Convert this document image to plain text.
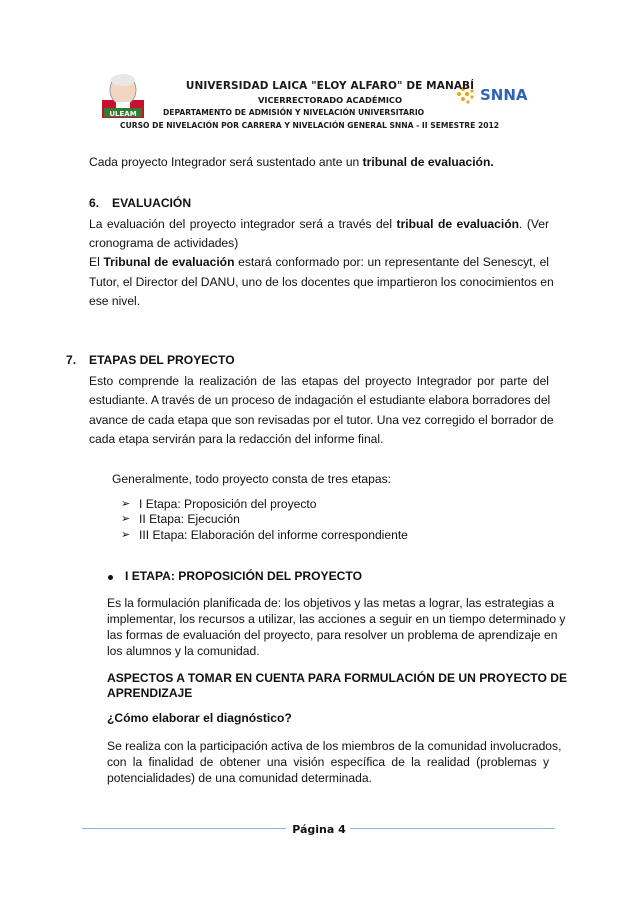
ULEAM
SNNA
UNIVERSIDAD LAICA "ELOY ALFARO" DE MANABÍ
VICERRECTORADO ACADÉMICO
DEPARTAMENTO DE ADMISIÓN Y NIVELACIÓN UNIVERSITARIO
CURSO DE NIVELACIÓN POR CARRERA Y NIVELACIÓN GENERAL SNNA - II SEMESTRE 2012
Cada proyecto Integrador será sustentado ante un tribunal de evaluación.
6. EVALUACIÓN
La evaluación del proyecto integrador será a través del tribual de evaluación. (Ver
cronograma de actividades)
El Tribunal de evaluación estará conformado por: un representante del Senescyt, el
Tutor, el Director del DANU, uno de los docentes que impartieron los conocimientos en
ese nivel.
7. ETAPAS DEL PROYECTO
Esto comprende la realización de las etapas del proyecto Integrador por parte del
estudiante. A través de un proceso de indagación el estudiante elabora borradores del
avance de cada etapa que son revisadas por el tutor. Una vez corregido el borrador de
cada etapa servirán para la redacción del informe final.
Generalmente, todo proyecto consta de tres etapas:
➢ I Etapa: Proposición del proyecto
➢ II Etapa: Ejecución
➢ III Etapa: Elaboración del informe correspondiente
I ETAPA: PROPOSICIÓN DEL PROYECTO
Es la formulación planificada de: los objetivos y las metas a lograr, las estrategias a
implementar, los recursos a utilizar, las acciones a seguir en un tiempo determinado y
las formas de evaluación del proyecto, para resolver un problema de aprendizaje en
los alumnos y la comunidad.
ASPECTOS A TOMAR EN CUENTA PARA FORMULACIÓN DE UN PROYECTO DE
APRENDIZAJE
¿Cómo elaborar el diagnóstico?
Se realiza con la participación activa de los miembros de la comunidad involucrados,
con la finalidad de obtener una visión específica de la realidad (problemas y
potencialidades) de una comunidad determinada.
Página 4
